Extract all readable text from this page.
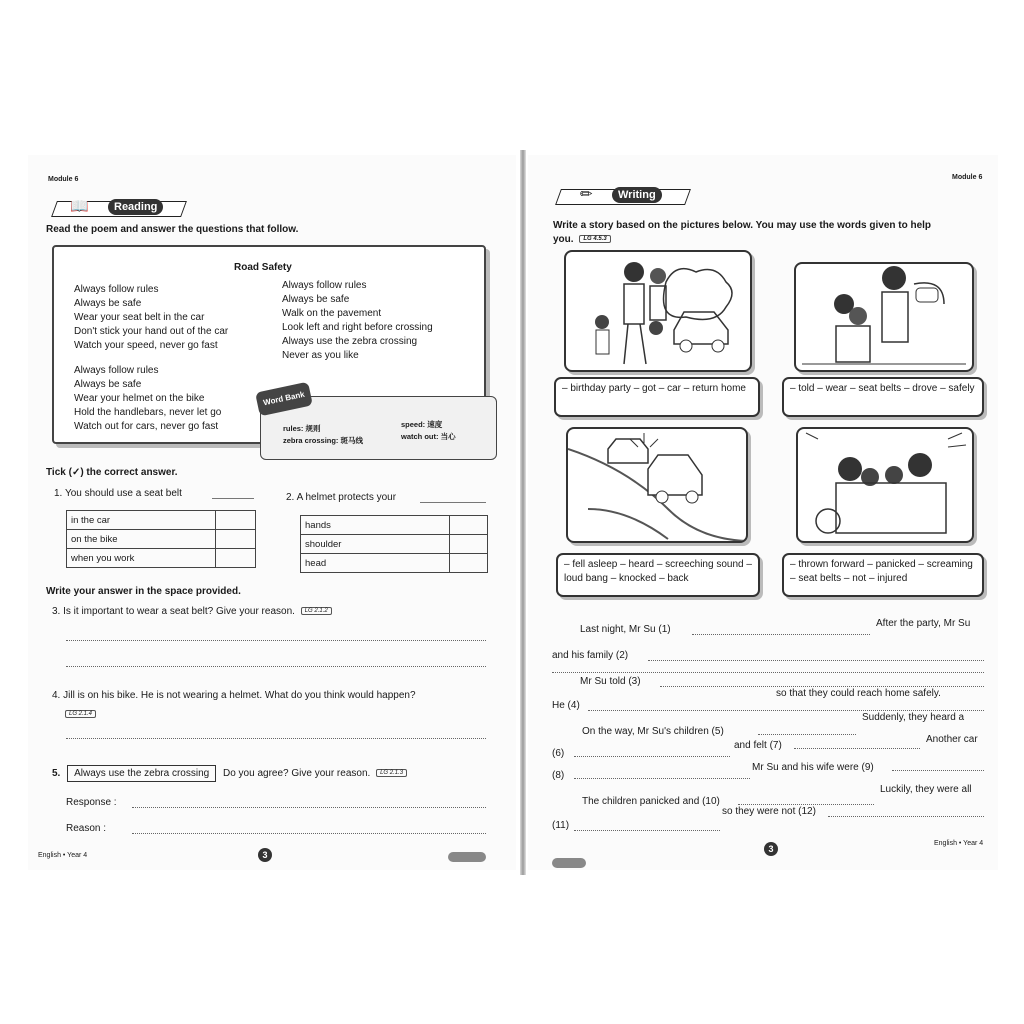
Module 6
📖	Reading
Read the poem and answer the questions that follow.
Road Safety
Always follow rules
Always be safe
Wear your seat belt in the car
Don't stick your hand out of the car
Watch your speed, never go fast
Always follow rules
Always be safe
Wear your helmet on the bike
Hold the handlebars, never let go
Watch out for cars, never go fast
Always follow rules
Always be safe
Walk on the pavement
Look left and right before crossing
Always use the zebra crossing
Never as you like
Word Bank
rules: 规则
zebra crossing: 斑马线
speed: 速度
watch out: 当心
Tick (✓) the correct answer.
1. You should use a seat belt
in the car	
on the bike	
when you work	
2. A helmet protects your
hands	
shoulder	
head	
Write your answer in the space provided.
3. Is it important to wear a seat belt? Give your reason. LG 2.1.2
4. Jill is on his bike. He is not wearing a helmet. What do you think would happen?
LG 2.1.4
5. Always use the zebra crossing Do you agree? Give your reason. LG 2.1.3
Response :
Reason :
English • Year 4	3
Module 6
✏	Writing
Write a story based on the pictures below. You may use the words given to help
you. LG 4.5.3
– birthday party – got – car – return home	– told – wear – seat belts – drove – safely
– fell asleep – heard – screeching sound – loud bang – knocked – back
– thrown forward – panicked – screaming – seat belts – not – injured
Last night, Mr Su (1)
After the party, Mr Su
and his family (2)
Mr Su told (3)
so that they could reach home safely.
He (4)
On the way, Mr Su's children (5)
Suddenly, they heard a
(6)
and felt (7)
Another car
(8)
Mr Su and his wife were (9)
The children panicked and (10)
Luckily, they were all
(11)
so they were not (12)
3
English • Year 4
